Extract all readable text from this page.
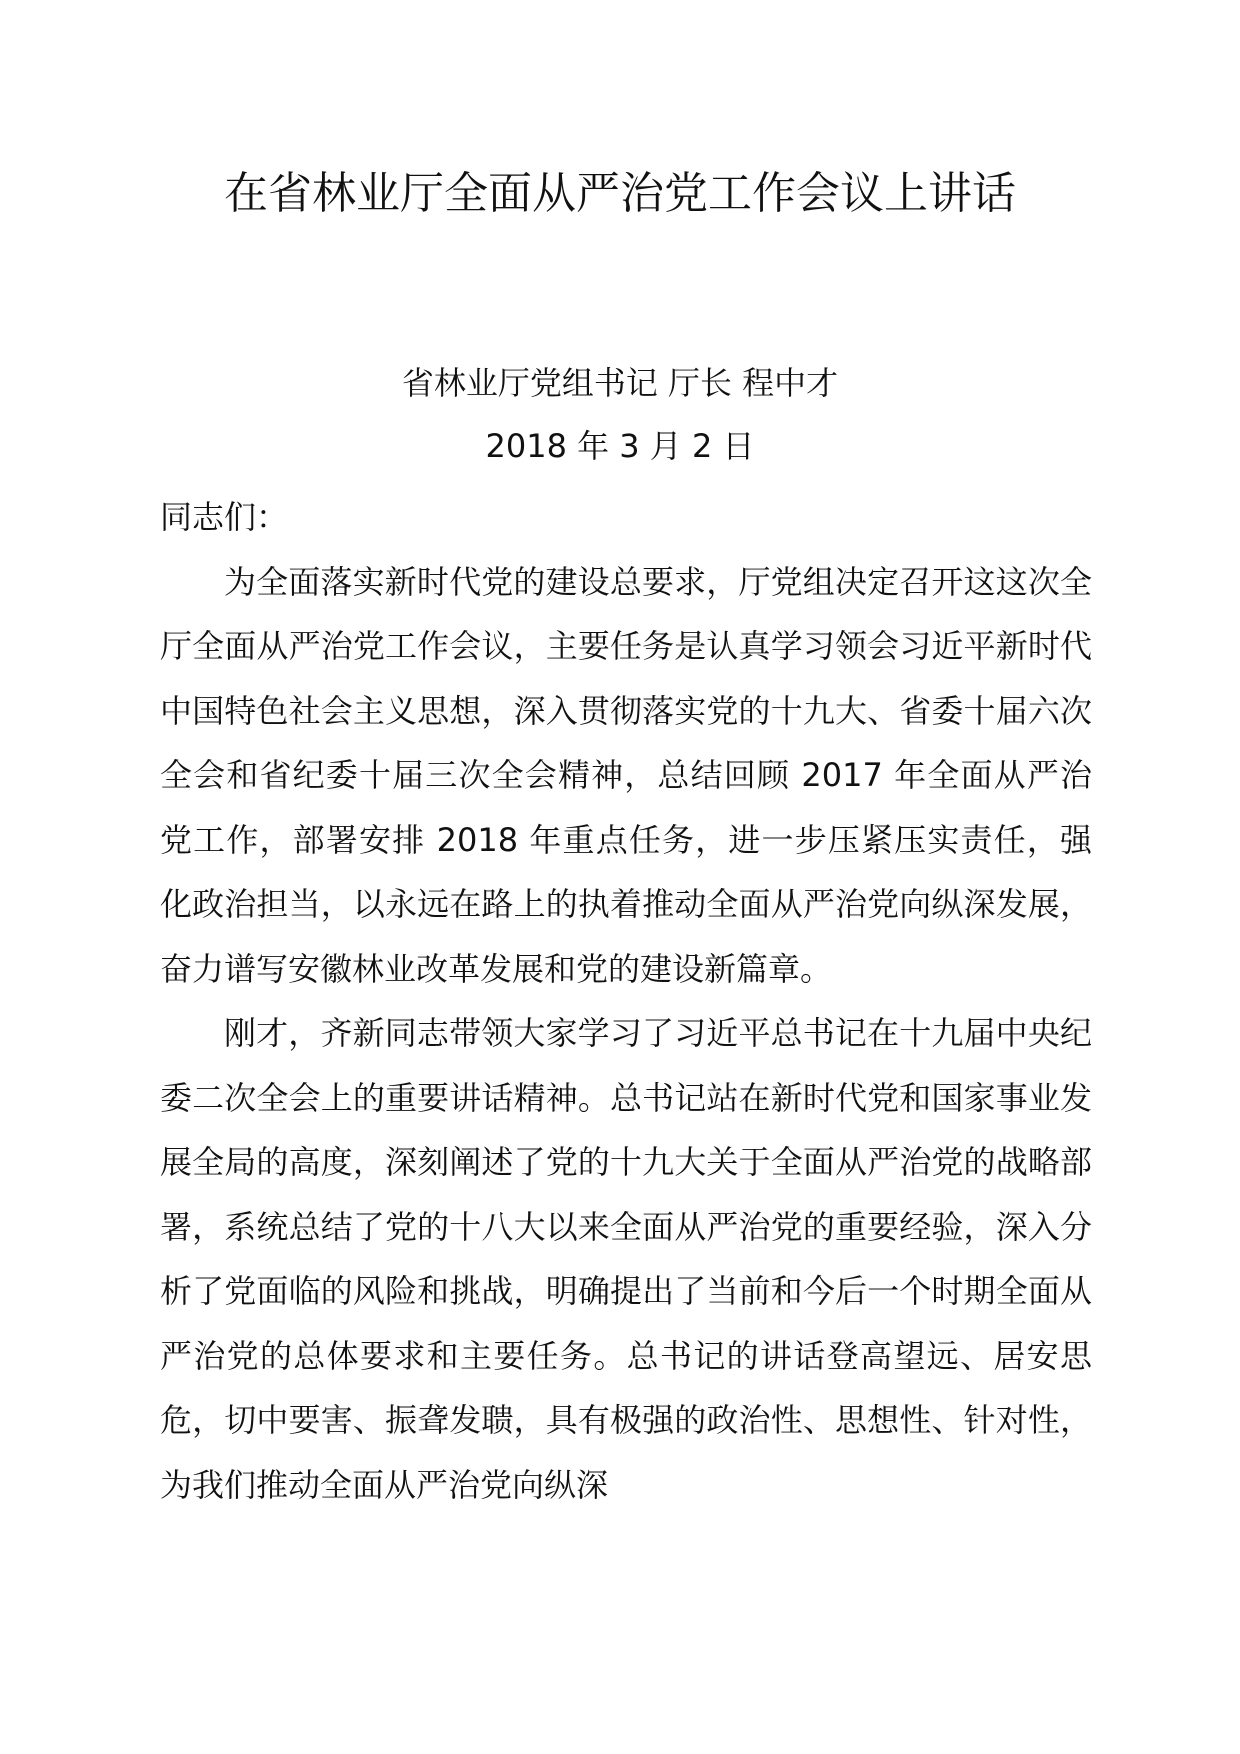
在省林业厅全面从严治党工作会议上讲话

省林业厅党组书记 厅长 程中才

2018 年 3 月 2 日

同志们：

为全面落实新时代党的建设总要求，厅党组决定召开这这次全厅全面从严治党工作会议，主要任务是认真学习领会习近平新时代中国特色社会主义思想，深入贯彻落实党的十九大、省委十届六次全会和省纪委十届三次全会精神，总结回顾 2017 年全面从严治党工作，部署安排 2018 年重点任务，进一步压紧压实责任，强化政治担当，以永远在路上的执着推动全面从严治党向纵深发展，奋力谱写安徽林业改革发展和党的建设新篇章。

刚才，齐新同志带领大家学习了习近平总书记在十九届中央纪委二次全会上的重要讲话精神。总书记站在新时代党和国家事业发展全局的高度，深刻阐述了党的十九大关于全面从严治党的战略部署，系统总结了党的十八大以来全面从严治党的重要经验，深入分析了党面临的风险和挑战，明确提出了当前和今后一个时期全面从严治党的总体要求和主要任务。总书记的讲话登高望远、居安思危，切中要害、振聋发聩，具有极强的政治性、思想性、针对性，为我们推动全面从严治党向纵深
